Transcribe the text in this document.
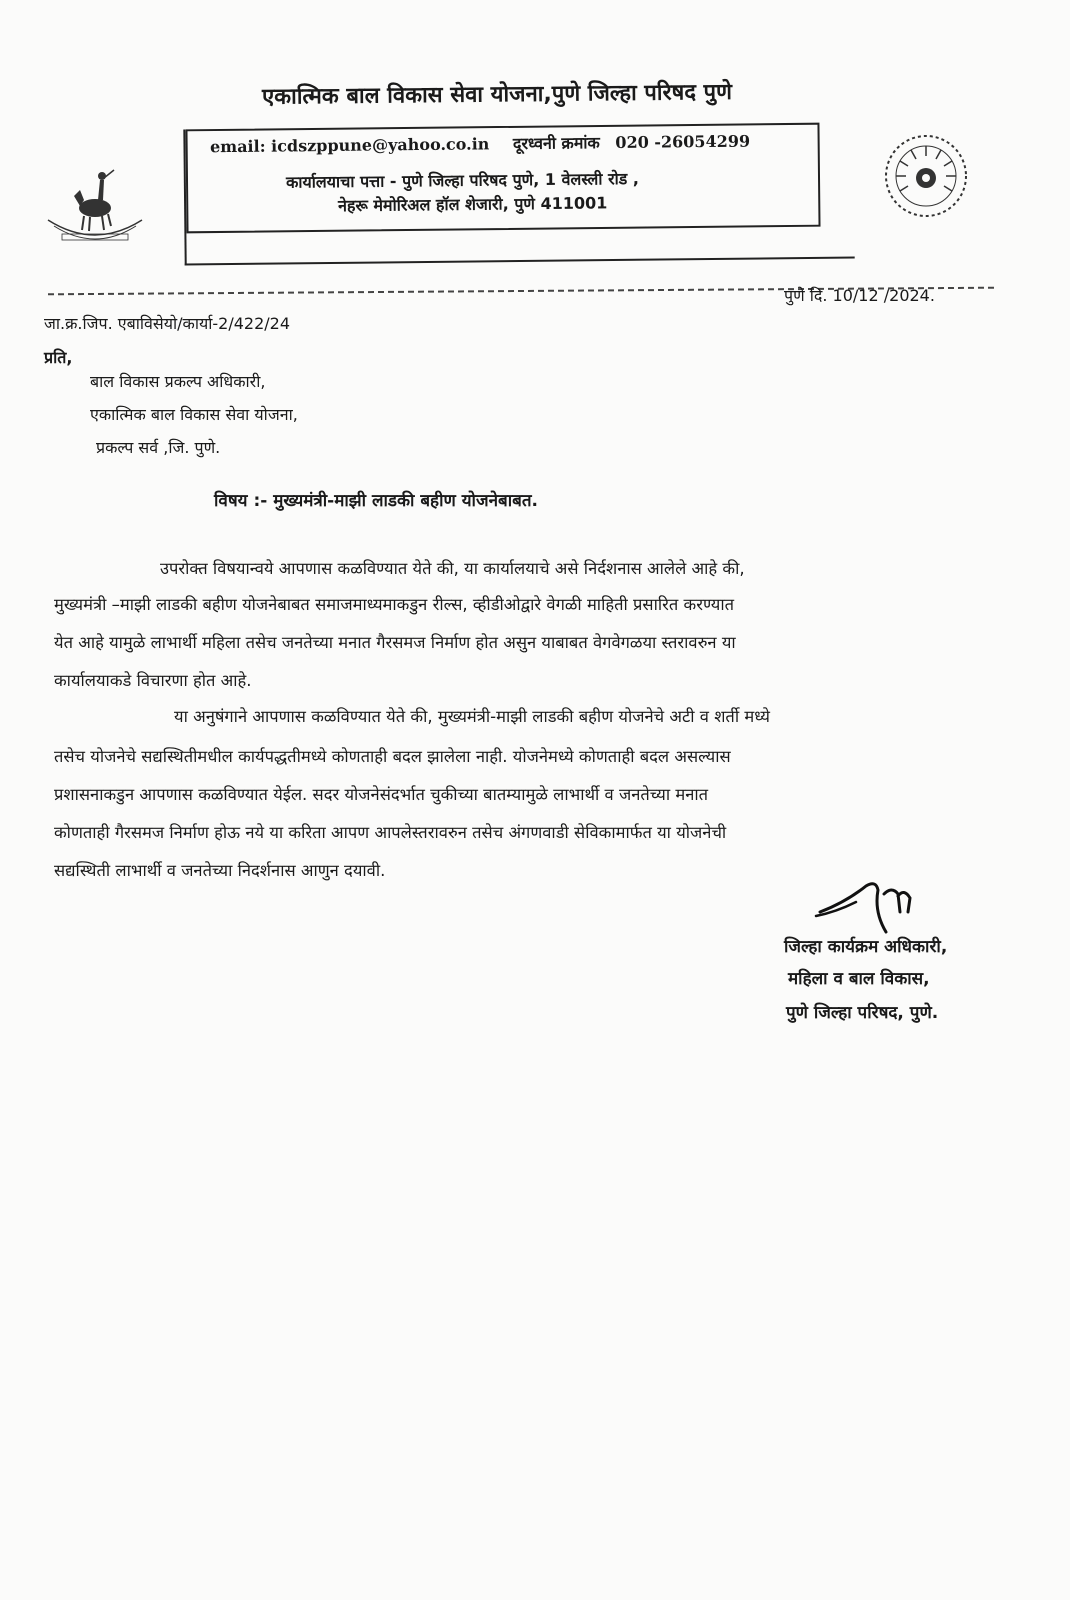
एकात्मिक बाल विकास सेवा योजना,पुणे जिल्हा परिषद पुणे
email: icdszppune@yahoo.co.in दूरध्वनी क्रमांक 020 -26054299
कार्यालयाचा पत्ता - पुणे जिल्हा परिषद पुणे, 1 वेलस्ली रोड ,
नेहरू मेमोरिअल हॉल शेजारी, पुणे 411001
पुणे दि. 10/12 /2024.
जा.क्र.जिप. एबाविसेयो/कार्या-2/422/24
प्रति,
बाल विकास प्रकल्प अधिकारी,
एकात्मिक बाल विकास सेवा योजना,
प्रकल्प सर्व ,जि. पुणे.
विषय :- मुख्यमंत्री-माझी लाडकी बहीण योजनेबाबत.
उपरोक्त विषयान्वये आपणास कळविण्यात येते की, या कार्यालयाचे असे निर्दशनास आलेले आहे की,
मुख्यमंत्री –माझी लाडकी बहीण योजनेबाबत समाजमाध्यमाकडुन रील्स, व्हीडीओद्वारे वेगळी माहिती प्रसारित करण्यात
येत आहे यामुळे लाभार्थी महिला तसेच जनतेच्या मनात गैरसमज निर्माण होत असुन याबाबत वेगवेगळया स्तरावरुन या
कार्यालयाकडे विचारणा होत आहे.
या अनुषंगाने आपणास कळविण्यात येते की, मुख्यमंत्री-माझी लाडकी बहीण योजनेचे अटी व शर्ती मध्ये
तसेच योजनेचे सद्यस्थितीमधील कार्यपद्धतीमध्ये कोणताही बदल झालेला नाही. योजनेमध्ये कोणताही बदल असल्यास
प्रशासनाकडुन आपणास कळविण्यात येईल. सदर योजनेसंदर्भात चुकीच्या बातम्यामुळे लाभार्थी व जनतेच्या मनात
कोणताही गैरसमज निर्माण होऊ नये या करिता आपण आपलेस्तरावरुन तसेच अंगणवाडी सेविकामार्फत या योजनेची
सद्यस्थिती लाभार्थी व जनतेच्या निदर्शनास आणुन दयावी.
जिल्हा कार्यक्रम अधिकारी,
महिला व बाल विकास,
पुणे जिल्हा परिषद, पुणे.
